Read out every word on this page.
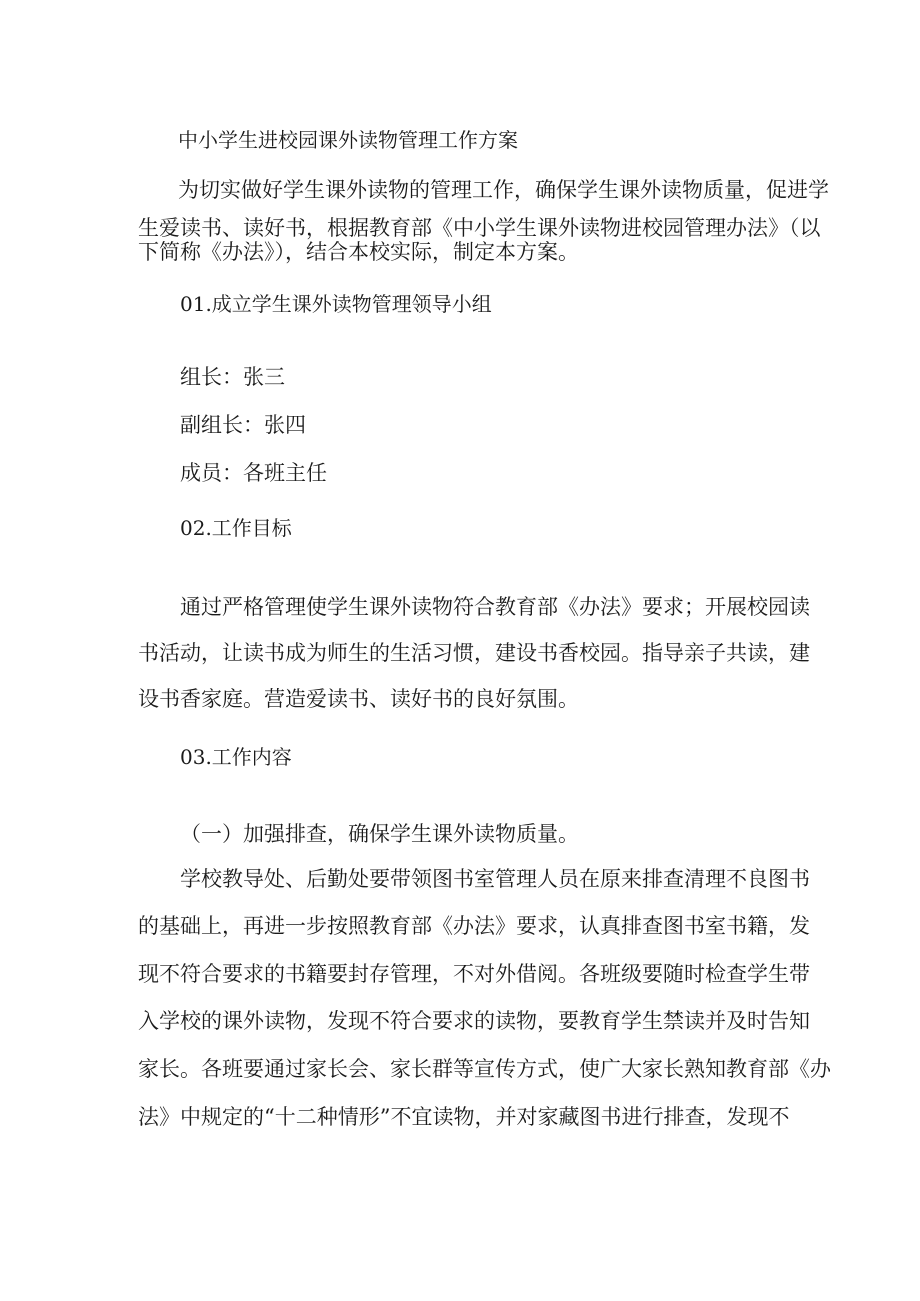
中小学生进校园课外读物管理工作方案

为切实做好学生课外读物的管理工作，确保学生课外读物质量，促进学

生爱读书、读好书，根据教育部《中小学生课外读物进校园管理办法》（以

下简称《办法》），结合本校实际，制定本方案。

01.成立学生课外读物管理领导小组

组长：张三

副组长：张四

成员：各班主任

02.工作目标

通过严格管理使学生课外读物符合教育部《办法》要求；开展校园读

书活动，让读书成为师生的生活习惯，建设书香校园。指导亲子共读，建

设书香家庭。营造爱读书、读好书的良好氛围。

03.工作内容

（一）加强排查，确保学生课外读物质量。

学校教导处、后勤处要带领图书室管理人员在原来排查清理不良图书

的基础上，再进一步按照教育部《办法》要求，认真排查图书室书籍，发

现不符合要求的书籍要封存管理，不对外借阅。各班级要随时检查学生带

入学校的课外读物，发现不符合要求的读物，要教育学生禁读并及时告知

家长。各班要通过家长会、家长群等宣传方式，使广大家长熟知教育部《办

法》中规定的“十二种情形”不宜读物，并对家藏图书进行排查，发现不
